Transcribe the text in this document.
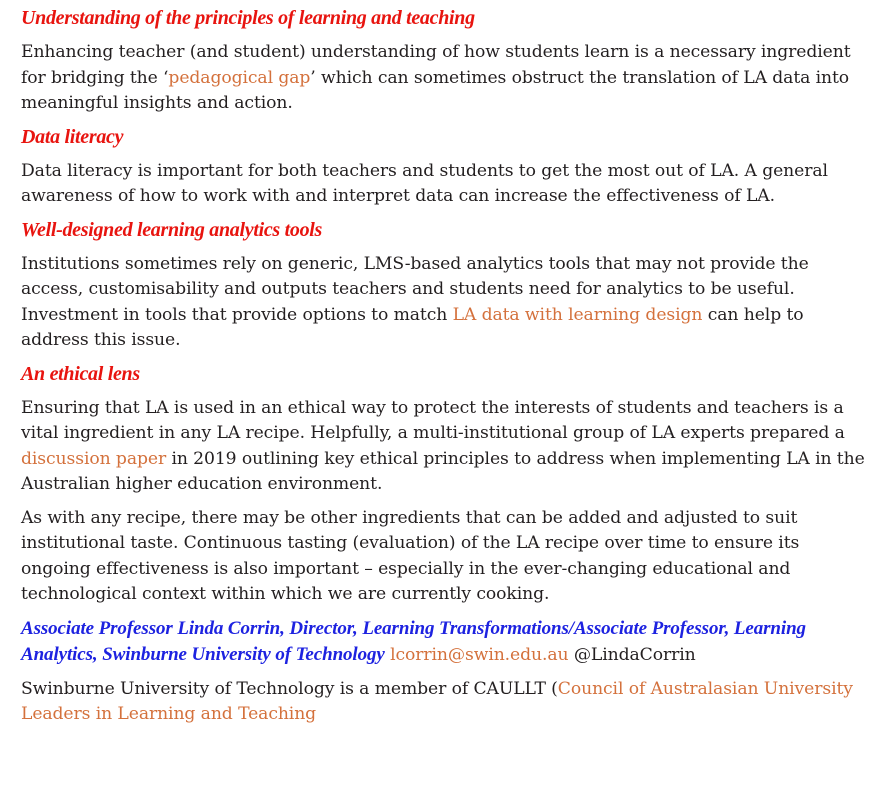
Understanding of the principles of learning and teaching

Enhancing teacher (and student) understanding of how students learn is a necessary ingredient for bridging the ‘pedagogical gap’ which can sometimes obstruct the translation of LA data into meaningful insights and action.

Data literacy

Data literacy is important for both teachers and students to get the most out of LA. A general awareness of how to work with and interpret data can increase the effectiveness of LA.

Well-designed learning analytics tools

Institutions sometimes rely on generic, LMS-based analytics tools that may not provide the access, customisability and outputs teachers and students need for analytics to be useful. Investment in tools that provide options to match LA data with learning design can help to address this issue.

An ethical lens

Ensuring that LA is used in an ethical way to protect the interests of students and teachers is a vital ingredient in any LA recipe. Helpfully, a multi-institutional group of LA experts prepared a discussion paper in 2019 outlining key ethical principles to address when implementing LA in the Australian higher education environment.

As with any recipe, there may be other ingredients that can be added and adjusted to suit institutional taste. Continuous tasting (evaluation) of the LA recipe over time to ensure its ongoing effectiveness is also important – especially in the ever-changing educational and technological context within which we are currently cooking.

Associate Professor Linda Corrin, Director, Learning Transformations/Associate Professor, Learning Analytics, Swinburne University of Technology lcorrin@swin.edu.au @LindaCorrin

Swinburne University of Technology is a member of CAULLT (Council of Australasian University Leaders in Learning and Teaching
